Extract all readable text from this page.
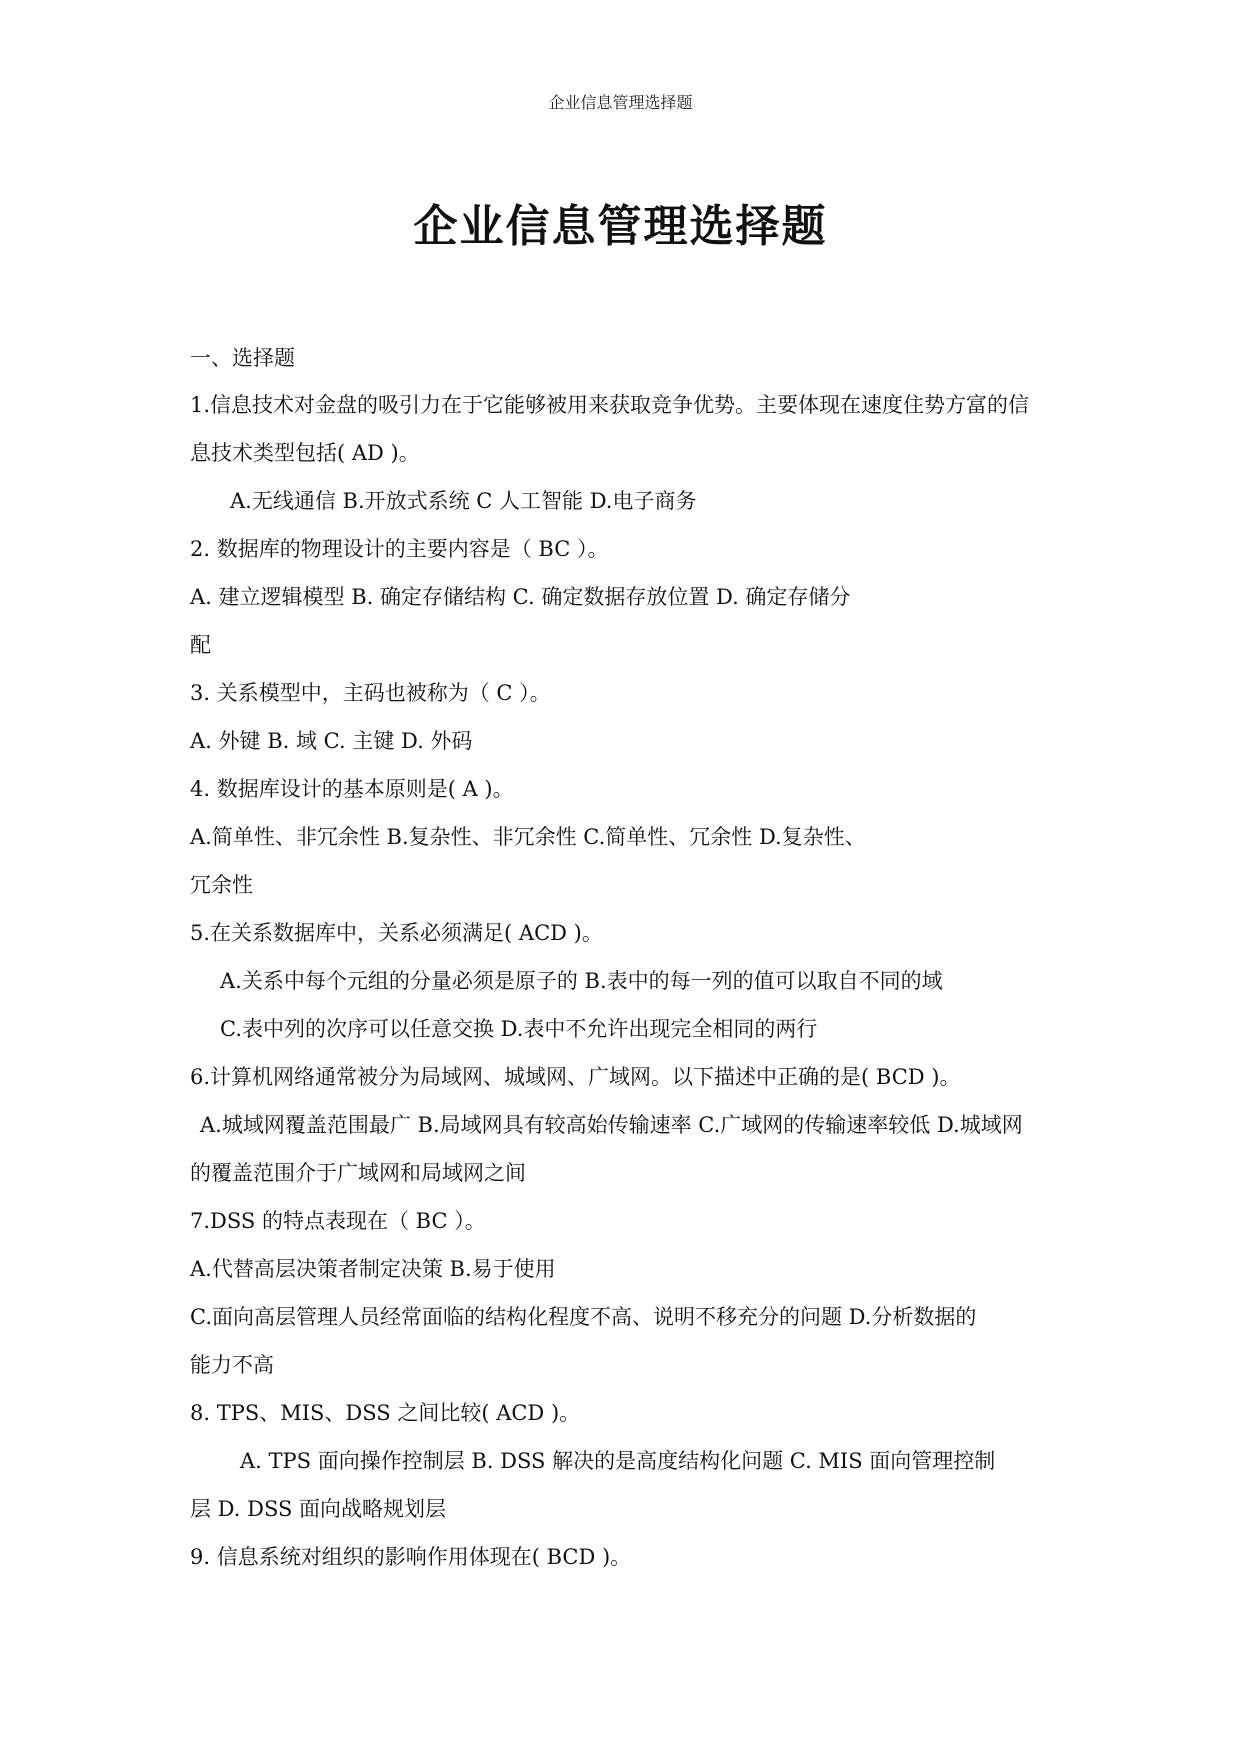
企业信息管理选择题
企业信息管理选择题
一、选择题
1.信息技术对金盘的吸引力在于它能够被用来获取竞争优势。主要体现在速度住势方富的信
息技术类型包括( AD )。
A.无线通信 B.开放式系统 C 人工智能 D.电子商务
2. 数据库的物理设计的主要内容是（ BC ）。
A. 建立逻辑模型 B. 确定存储结构 C. 确定数据存放位置 D. 确定存储分
配
3. 关系模型中，主码也被称为（ C ）。
A. 外键 B. 域 C. 主键 D. 外码
4. 数据库设计的基本原则是( A )。
A.简单性、非冗余性 B.复杂性、非冗余性 C.简单性、冗余性 D.复杂性、
冗余性
5.在关系数据库中，关系必须满足( ACD )。
A.关系中每个元组的分量必须是原子的 B.表中的每一列的值可以取自不同的域
C.表中列的次序可以任意交换 D.表中不允许出现完全相同的两行
6.计算机网络通常被分为局域网、城域网、广域网。以下描述中正确的是( BCD )。
A.城域网覆盖范围最广 B.局域网具有较高始传输速率 C.广域网的传输速率较低 D.城域网
的覆盖范围介于广域网和局域网之间
7.DSS 的特点表现在（ BC ）。
A.代替高层决策者制定决策 B.易于使用
C.面向高层管理人员经常面临的结构化程度不高、说明不移充分的问题 D.分析数据的
能力不高
8. TPS、MIS、DSS 之间比较( ACD )。
A. TPS 面向操作控制层 B. DSS 解决的是高度结构化问题 C. MIS 面向管理控制
层 D. DSS 面向战略规划层
9. 信息系统对组织的影响作用体现在( BCD )。
